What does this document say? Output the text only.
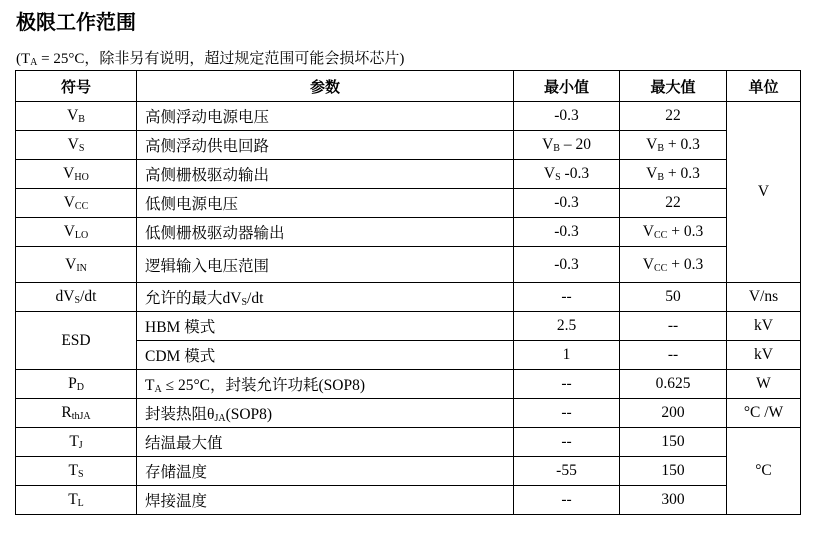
极限工作范围
($T_A = 25^\circ C$，除非另有说明，超过规定范围可能会损坏芯片)
符号	参数	最小值	最大值	单位
$V_B$	高侧浮动电源电压	-0.3	22	V
$V_S$	高侧浮动供电回路	$V_B - 20$	$V_B + 0.3$	
$V_{HO}$	高侧栅极驱动输出	$V_S$ -0.3	$V_B + 0.3$	
$V_{CC}$	低侧电源电压	-0.3	22	
$V_{LO}$	低侧栅极驱动器输出	-0.3	$V_{CC} + 0.3$	
$V_{IN}$	逻辑输入电压范围	-0.3	$V_{CC} + 0.3$	
$dV_S/dt$	允许的最大$dV_S/dt$	--	50	V/ns
ESD	HBM 模式	2.5	--	kV
	CDM 模式	1	--	kV
$P_D$	$T_A \le 25^\circ C$，封装允许功耗(SOP8)	--	0.625	W
$R_{thJA}$	封装热阻$\theta_{JA}(SOP8)$	--	200	°C /W
$T_J$	结温最大值	--	150	°C
$T_S$	存储温度	-55	150	
$T_L$	焊接温度	--	300	
